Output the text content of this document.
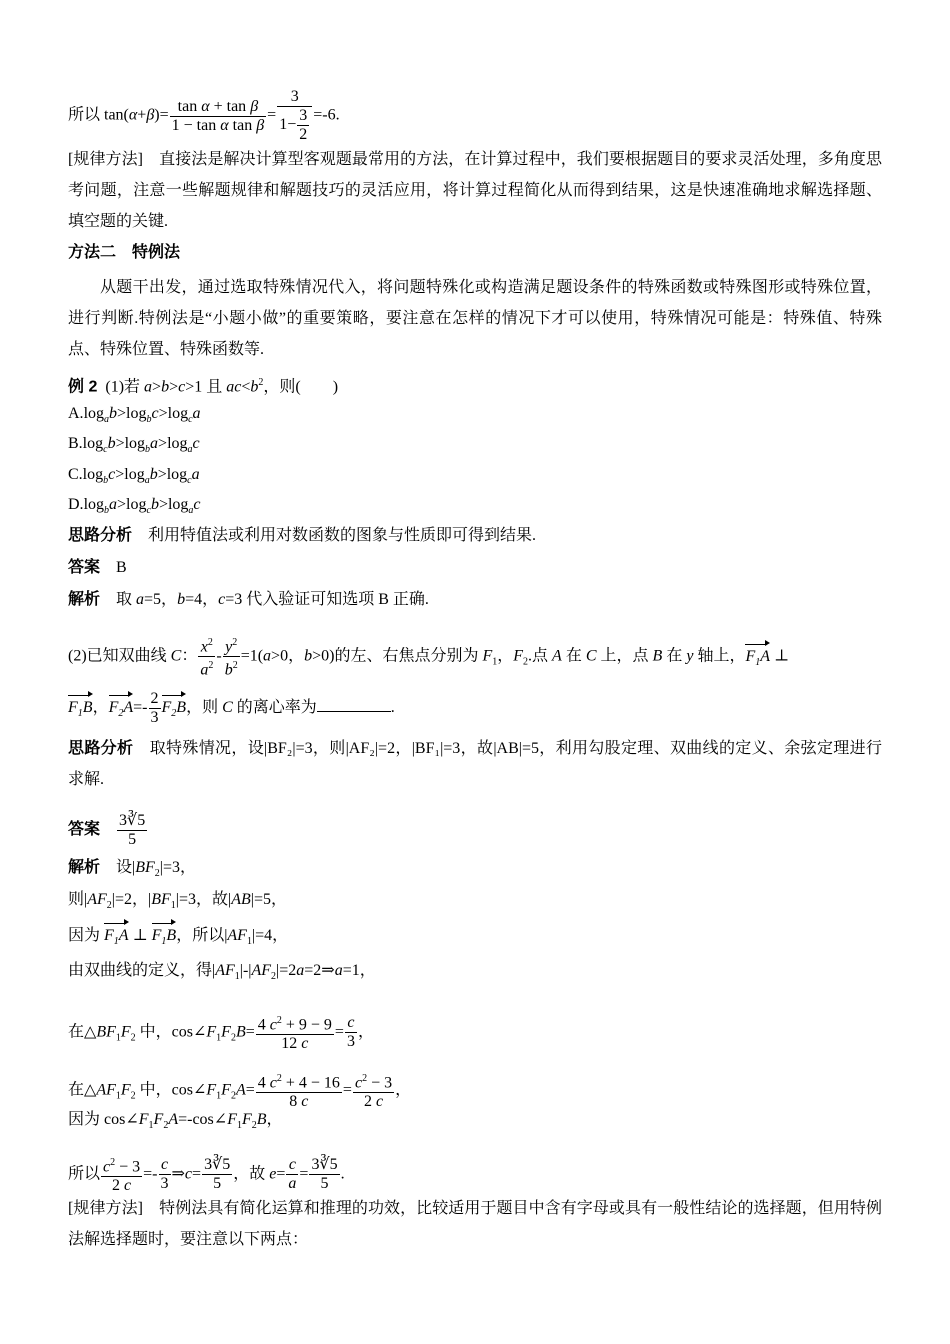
所以 $\tan(\alpha+\beta)= \frac{\text{tan α + tan β}}{\text{1 − tan α tan β}} = \frac{3}{1- \frac{3}{2}} =-6$.
[规律方法]　 直接法是解决计算型客观题最常用的方法，在计算过程中，我们要根据题目的要求灵活处理，多角度思考问题，注意一些解题规律和解题技巧的灵活应用，将计算过程简化从而得到结果，这是快速准确地求解选择题、填空题的关键.
方法二　特例法
从题干出发，通过选取特殊情况代入，将问题特殊化或构造满足题设条件的特殊函数或特殊图形或特殊位置，进行判断.特例法是“小题小做”的重要策略，要注意在怎样的情况下才可以使用，特殊情况可能是：特殊值、特殊点、特殊位置、特殊函数等.
例 2 (1)若 a>b>c>1 且 $ac<b^2$，则(　　)
$A.\log_ab>\log_bc>\log_ca$
$B.\log_cb>\log_ba>\log_ac$
$C.\log_bc>\log_ab>\log_ca$
$D.\log_ba>\log_cb>\log_ac$
思路分析　 利用特值法或利用对数函数的图象与性质即可得到结果.
答案　 B
解析　取 a=5，b=4，c=3 代入验证可知选项 B 正确.
(2)已知双曲线 C： $\frac{x^2}{a^2} - \frac{y^2}{b^2} =1(a>0$，b>0)的左、右焦点分别为 $F_1$，$F_2$.点 A 在 C 上，点 B 在 y 轴上，$F_1A$ ⊥
$F_1B$，$F_2A=- \frac{2}{3} F_2B$，则 C 的离心率为	.
思路分析　 取特殊情况，设|BF₂|=3，则|AF₂|=2，|BF₁|=3，故|AB|=5，利用勾股定理、双曲线的定义、余弦定理进行求解.
答案　 $\frac{3∛5}{5}$
解析　设$|BF_2|=3$，
则$|AF_2|=2$，$|BF_1|=3$，故|AB|=5，
因为 $F_1A$ ⊥ $F_1B$，所以$|AF_1|=4$，
由双曲线的定义，得$|AF_1|-|AF_2|=2a=2\Rightarrow a=1$，
在$\triangle BF_1F_2$ 中，$\cos\angle F_1F_2B= \frac{4 c^2 + 9 - 9}{12 c} = \frac{c}{3}$ ，
在$\triangle AF_1F_2$ 中，$\cos\angle F_1F_2A= \frac{4 c^2 + 4 - 16}{8 c} = \frac{c^2 - 3}{2 c}$ ，
因为 $\cos\angle F_1F_2A=-\cos\angle F_1F_2B$，
所以 $\frac{c^2 - 3}{2 c} =- \frac{c}{3}$ ⇒c= $\frac{3∛5}{5}$ ，故 $e= \frac{c}{a} = \frac{3∛5}{5}$ .
[规律方法]　 特例法具有简化运算和推理的功效，比较适用于题目中含有字母或具有一般性结论的选择题，但用特例法解选择题时，要注意以下两点：
